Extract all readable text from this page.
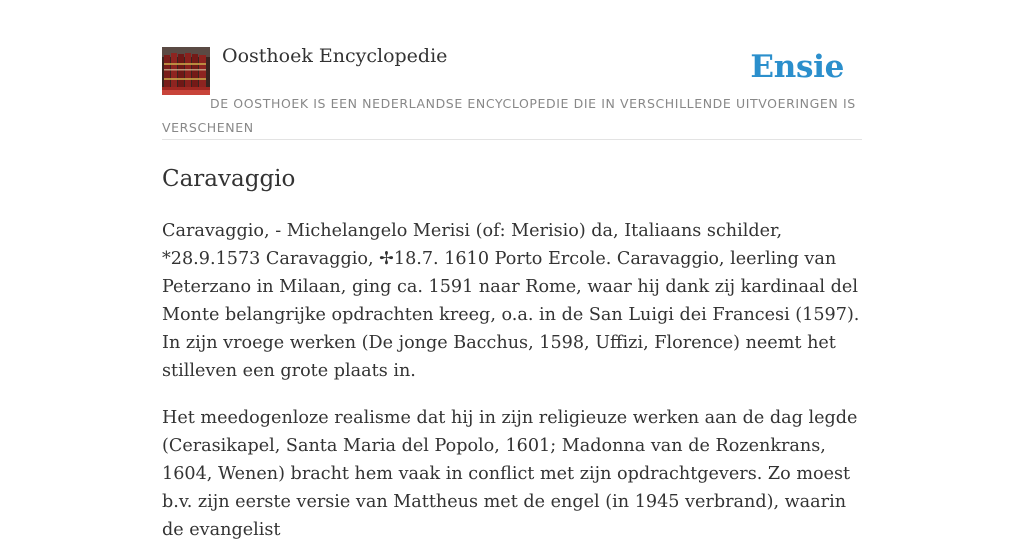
Oosthoek Encyclopedie	Ensie
DE OOSTHOEK IS EEN NEDERLANDSE ENCYCLOPEDIE DIE IN VERSCHILLENDE UITVOERINGEN IS VERSCHENEN
Caravaggio

Caravaggio, - Michelangelo Merisi (of: Merisio) da, Italiaans schilder, *28.9.1573 Caravaggio, ✢18.7. 1610 Porto Ercole. Caravaggio, leerling van Peterzano in Milaan, ging ca. 1591 naar Rome, waar hij dank zij kardinaal del Monte belangrijke opdrachten kreeg, o.a. in de San Luigi dei Francesi (1597). In zijn vroege werken (De jonge Bacchus, 1598, Uffizi, Florence) neemt het stilleven een grote plaats in.

Het meedogenloze realisme dat hij in zijn religieuze werken aan de dag legde (Cerasikapel, Santa Maria del Popolo, 1601; Madonna van de Rozenkrans, 1604, Wenen) bracht hem vaak in conflict met zijn opdrachtgevers. Zo moest b.v. zijn eerste versie van Mattheus met de engel (in 1945 verbrand), waarin de evangelist
